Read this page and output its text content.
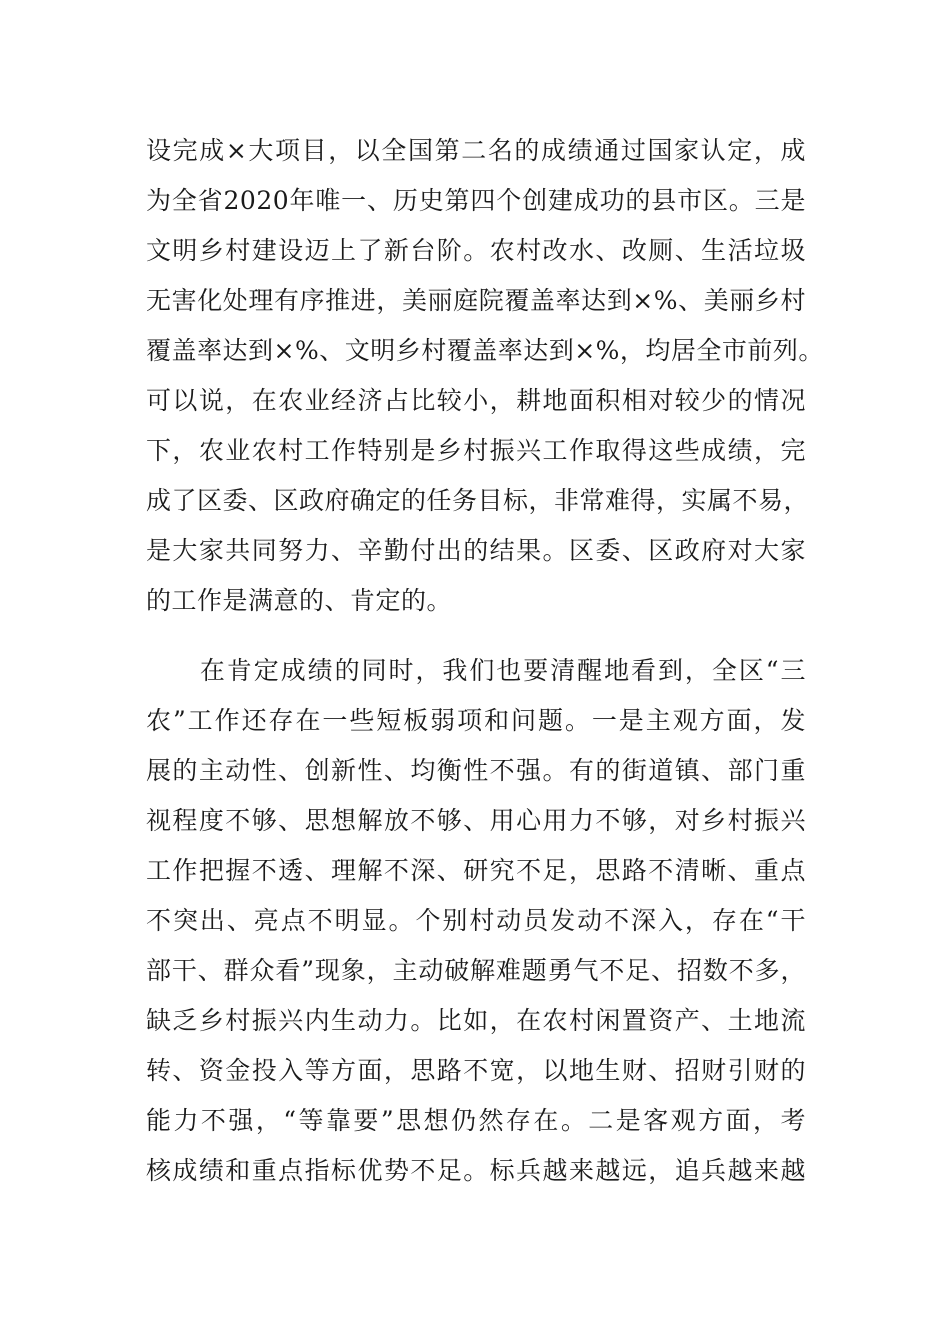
设完成×大项目，以全国第二名的成绩通过国家认定，成
为全省2020年唯一、历史第四个创建成功的县市区。三是
文明乡村建设迈上了新台阶。农村改水、改厕、生活垃圾
无害化处理有序推进，美丽庭院覆盖率达到×%、美丽乡村
覆盖率达到×%、文明乡村覆盖率达到×%，均居全市前列。
可以说，在农业经济占比较小，耕地面积相对较少的情况
下，农业农村工作特别是乡村振兴工作取得这些成绩，完
成了区委、区政府确定的任务目标，非常难得，实属不易，
是大家共同努力、辛勤付出的结果。区委、区政府对大家
的工作是满意的、肯定的。
　　在肯定成绩的同时，我们也要清醒地看到，全区“三
农”工作还存在一些短板弱项和问题。一是主观方面，发
展的主动性、创新性、均衡性不强。有的街道镇、部门重
视程度不够、思想解放不够、用心用力不够，对乡村振兴
工作把握不透、理解不深、研究不足，思路不清晰、重点
不突出、亮点不明显。个别村动员发动不深入，存在“干
部干、群众看”现象，主动破解难题勇气不足、招数不多，
缺乏乡村振兴内生动力。比如，在农村闲置资产、土地流
转、资金投入等方面，思路不宽，以地生财、招财引财的
能力不强，“等靠要”思想仍然存在。二是客观方面，考
核成绩和重点指标优势不足。标兵越来越远，追兵越来越
